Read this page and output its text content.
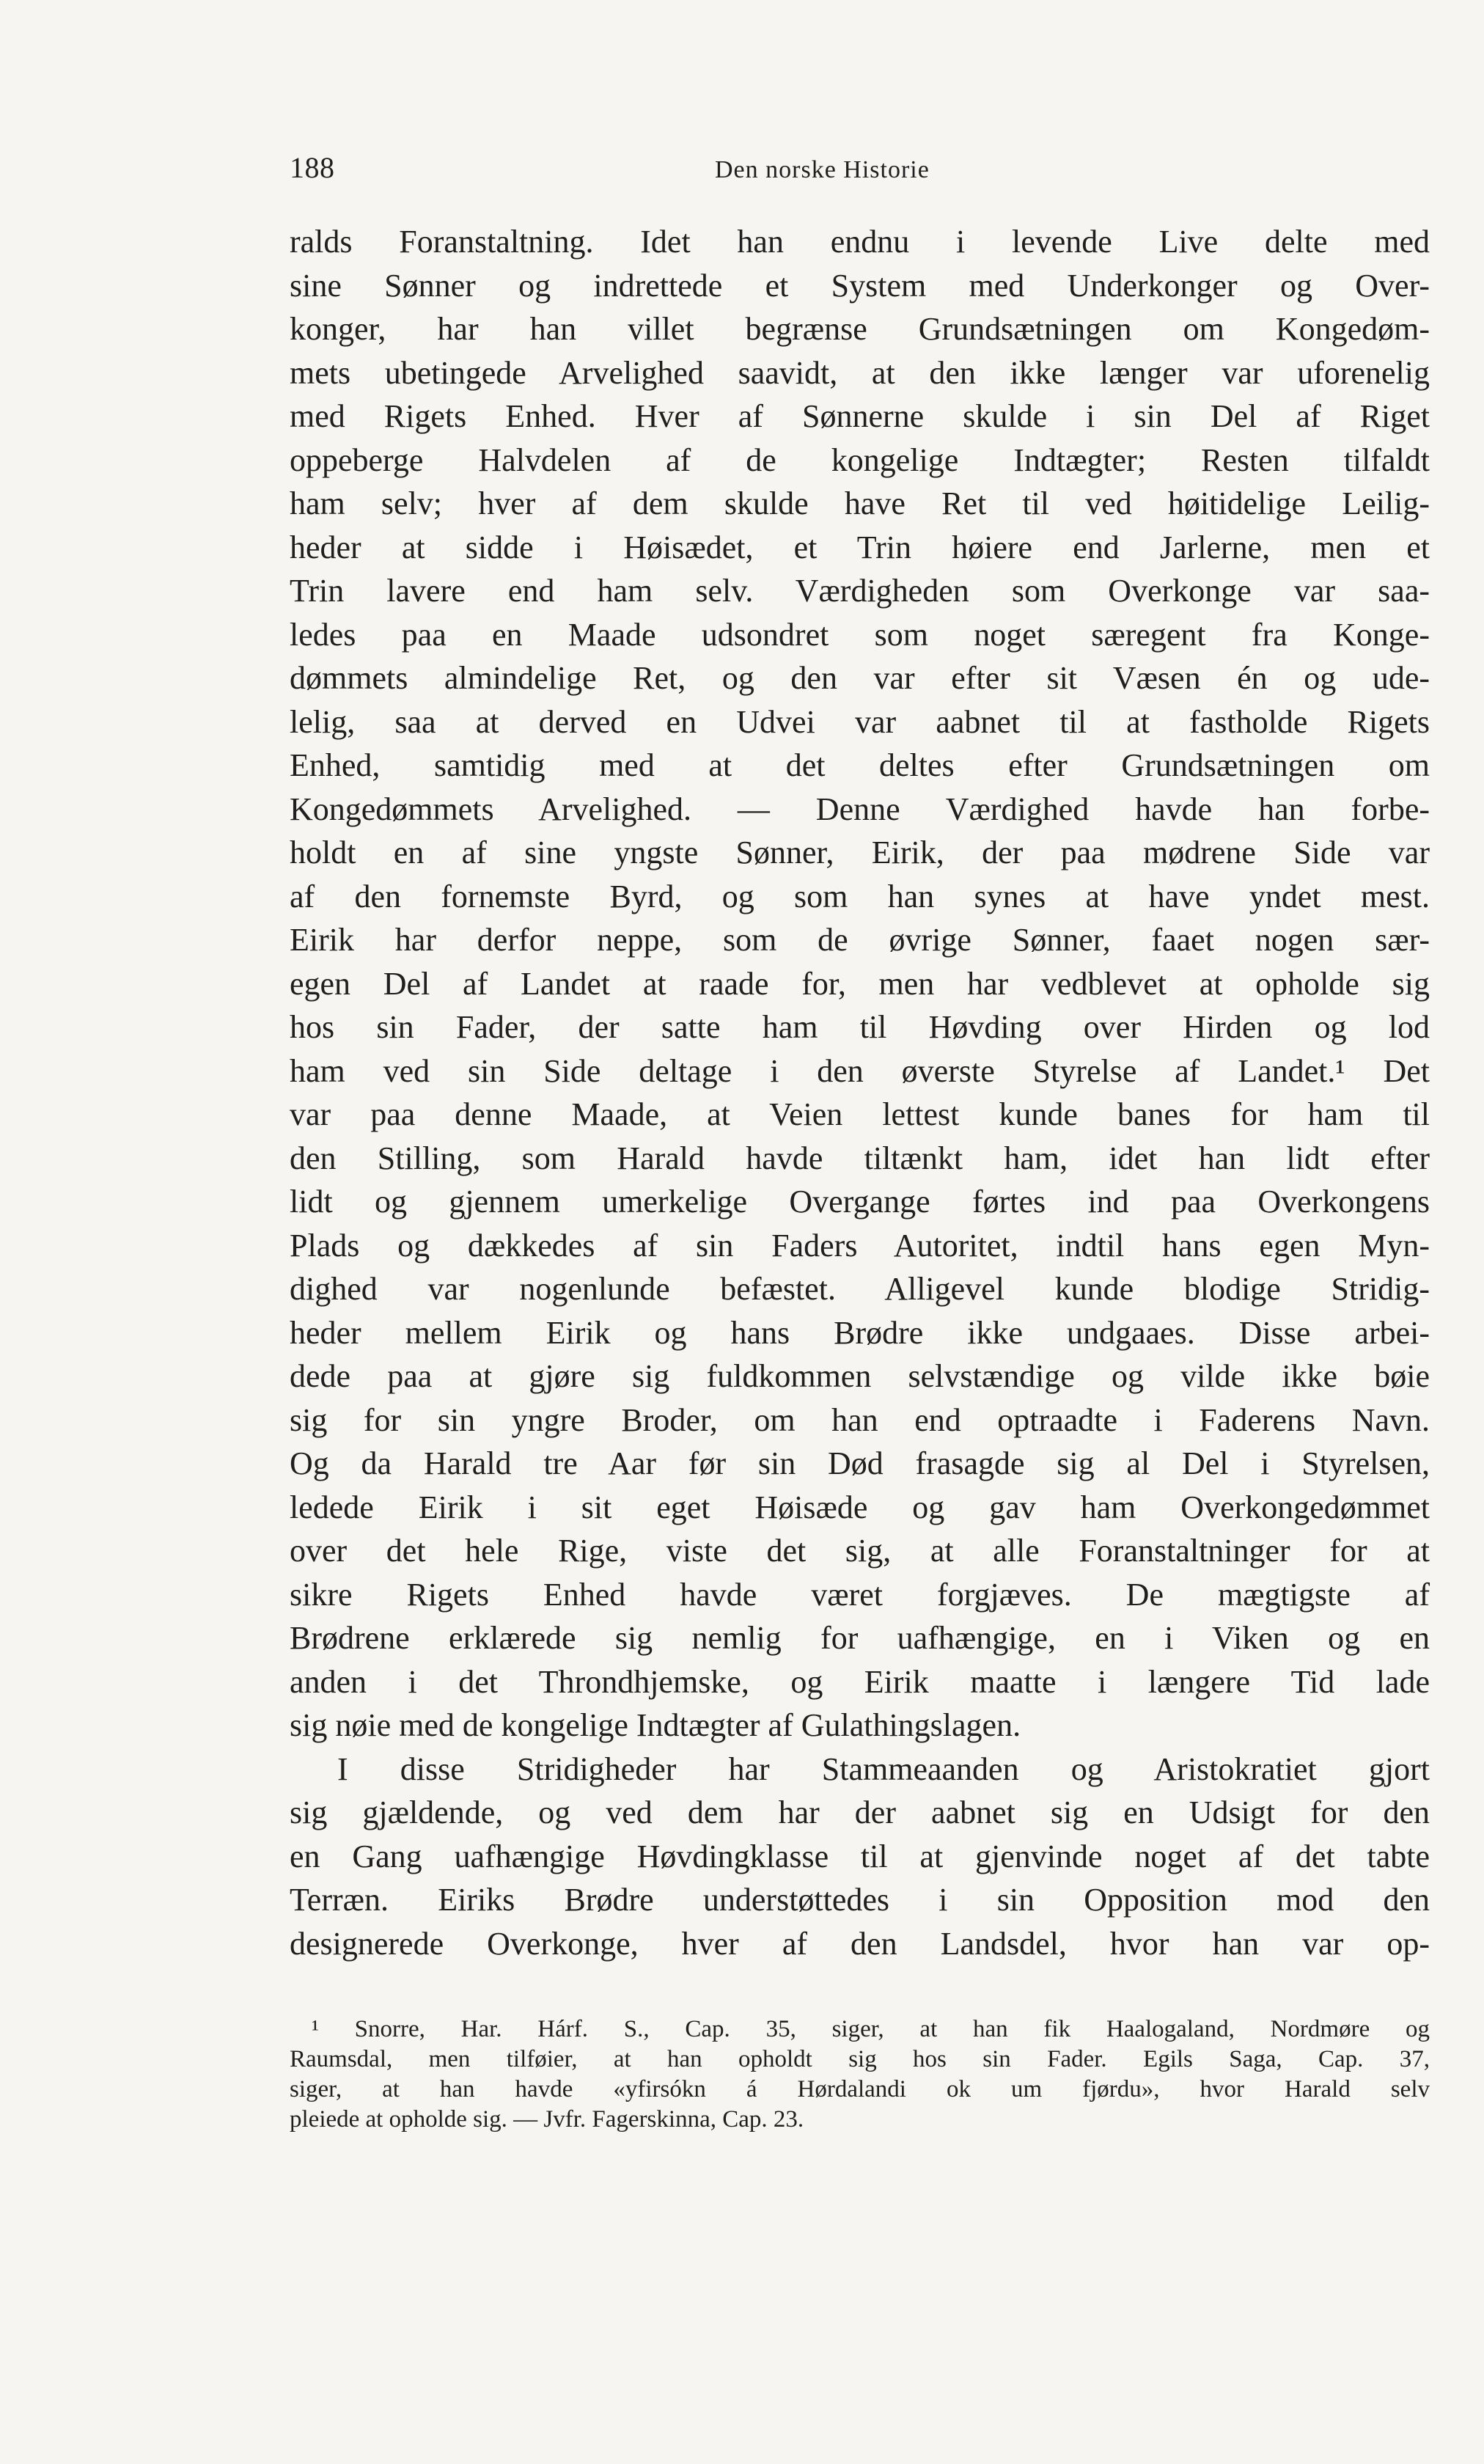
188	Den norske Historie
ralds Foranstaltning. Idet han endnu i levende Live delte med
sine Sønner og indrettede et System med Underkonger og Over-
konger, har han villet begrænse Grundsætningen om Kongedøm-
mets ubetingede Arvelighed saavidt, at den ikke længer var uforenelig
med Rigets Enhed. Hver af Sønnerne skulde i sin Del af Riget
oppeberge Halvdelen af de kongelige Indtægter; Resten tilfaldt
ham selv; hver af dem skulde have Ret til ved høitidelige Leilig-
heder at sidde i Høisædet, et Trin høiere end Jarlerne, men et
Trin lavere end ham selv. Værdigheden som Overkonge var saa-
ledes paa en Maade udsondret som noget særegent fra Konge-
dømmets almindelige Ret, og den var efter sit Væsen én og ude-
lelig, saa at derved en Udvei var aabnet til at fastholde Rigets
Enhed, samtidig med at det deltes efter Grundsætningen om
Kongedømmets Arvelighed. — Denne Værdighed havde han forbe-
holdt en af sine yngste Sønner, Eirik, der paa mødrene Side var
af den fornemste Byrd, og som han synes at have yndet mest.
Eirik har derfor neppe, som de øvrige Sønner, faaet nogen sær-
egen Del af Landet at raade for, men har vedblevet at opholde sig
hos sin Fader, der satte ham til Høvding over Hirden og lod
ham ved sin Side deltage i den øverste Styrelse af Landet.¹ Det
var paa denne Maade, at Veien lettest kunde banes for ham til
den Stilling, som Harald havde tiltænkt ham, idet han lidt efter
lidt og gjennem umerkelige Overgange førtes ind paa Overkongens
Plads og dækkedes af sin Faders Autoritet, indtil hans egen Myn-
dighed var nogenlunde befæstet. Alligevel kunde blodige Stridig-
heder mellem Eirik og hans Brødre ikke undgaaes. Disse arbei-
dede paa at gjøre sig fuldkommen selvstændige og vilde ikke bøie
sig for sin yngre Broder, om han end optraadte i Faderens Navn.
Og da Harald tre Aar før sin Død frasagde sig al Del i Styrelsen,
ledede Eirik i sit eget Høisæde og gav ham Overkongedømmet
over det hele Rige, viste det sig, at alle Foranstaltninger for at
sikre Rigets Enhed havde været forgjæves. De mægtigste af
Brødrene erklærede sig nemlig for uafhængige, en i Viken og en
anden i det Throndhjemske, og Eirik maatte i længere Tid lade
sig nøie med de kongelige Indtægter af Gulathingslagen.
I disse Stridigheder har Stammeaanden og Aristokratiet gjort
sig gjældende, og ved dem har der aabnet sig en Udsigt for den
en Gang uafhængige Høvdingklasse til at gjenvinde noget af det tabte
Terræn. Eiriks Brødre understøttedes i sin Opposition mod den
designerede Overkonge, hver af den Landsdel, hvor han var op-
¹ Snorre, Har. Hárf. S., Cap. 35, siger, at han fik Haalogaland, Nordmøre og
Raumsdal, men tilføier, at han opholdt sig hos sin Fader. Egils Saga, Cap. 37,
siger, at han havde «yfirsókn á Hørdalandi ok um fjørdu», hvor Harald selv
pleiede at opholde sig. — Jvfr. Fagerskinna, Cap. 23.
